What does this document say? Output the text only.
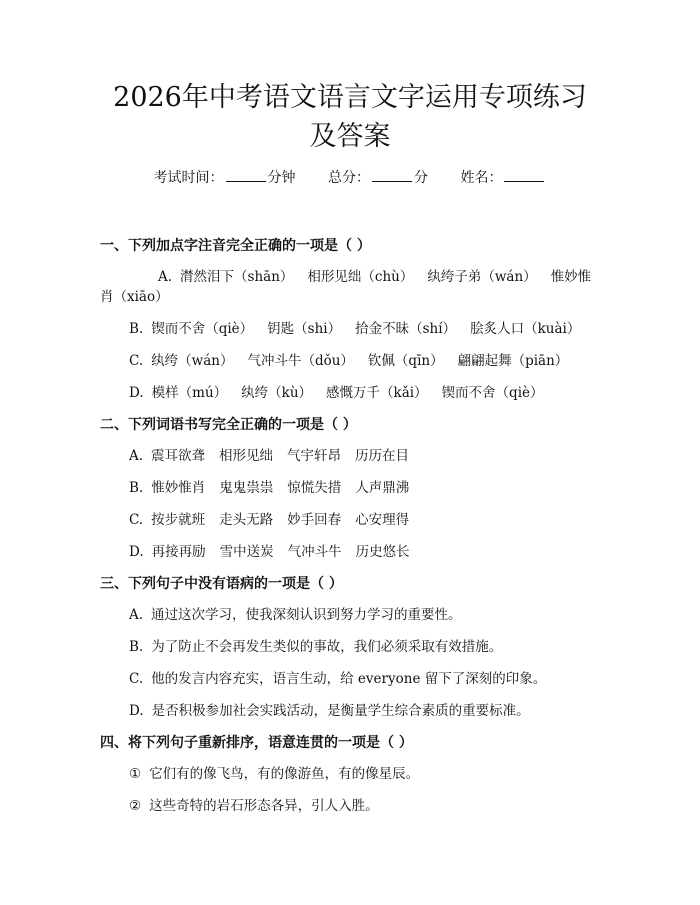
2026年中考语文语言文字运用专项练习及答案
考试时间：	分钟 总分：	分 姓名：
一、下列加点字注音完全正确的一项是（ ）
A. 潸然泪下（shān） 相形见绌（chù） 纨绔子弟（wán） 惟妙惟肖（xiāo）
B. 锲而不舍（qiè） 钥匙（shi） 拾金不昧（shí） 脍炙人口（kuài）
C. 纨绔（wán） 气冲斗牛（dǒu） 钦佩（qīn） 翩翩起舞（piān）
D. 模样（mú） 纨绔（kù） 感慨万千（kǎi） 锲而不舍（qiè）
二、下列词语书写完全正确的一项是（ ）
A. 震耳欲聋 相形见绌 气宇轩昂 历历在目
B. 惟妙惟肖 鬼鬼祟祟 惊慌失措 人声鼎沸
C. 按步就班 走头无路 妙手回春 心安理得
D. 再接再励 雪中送炭 气冲斗牛 历史悠长
三、下列句子中没有语病的一项是（ ）
A. 通过这次学习，使我深刻认识到努力学习的重要性。
B. 为了防止不会再发生类似的事故，我们必须采取有效措施。
C. 他的发言内容充实，语言生动，给 everyone 留下了深刻的印象。
D. 是否积极参加社会实践活动，是衡量学生综合素质的重要标准。
四、将下列句子重新排序，语意连贯的一项是（ ）
① 它们有的像飞鸟，有的像游鱼，有的像星辰。
② 这些奇特的岩石形态各异，引人入胜。
